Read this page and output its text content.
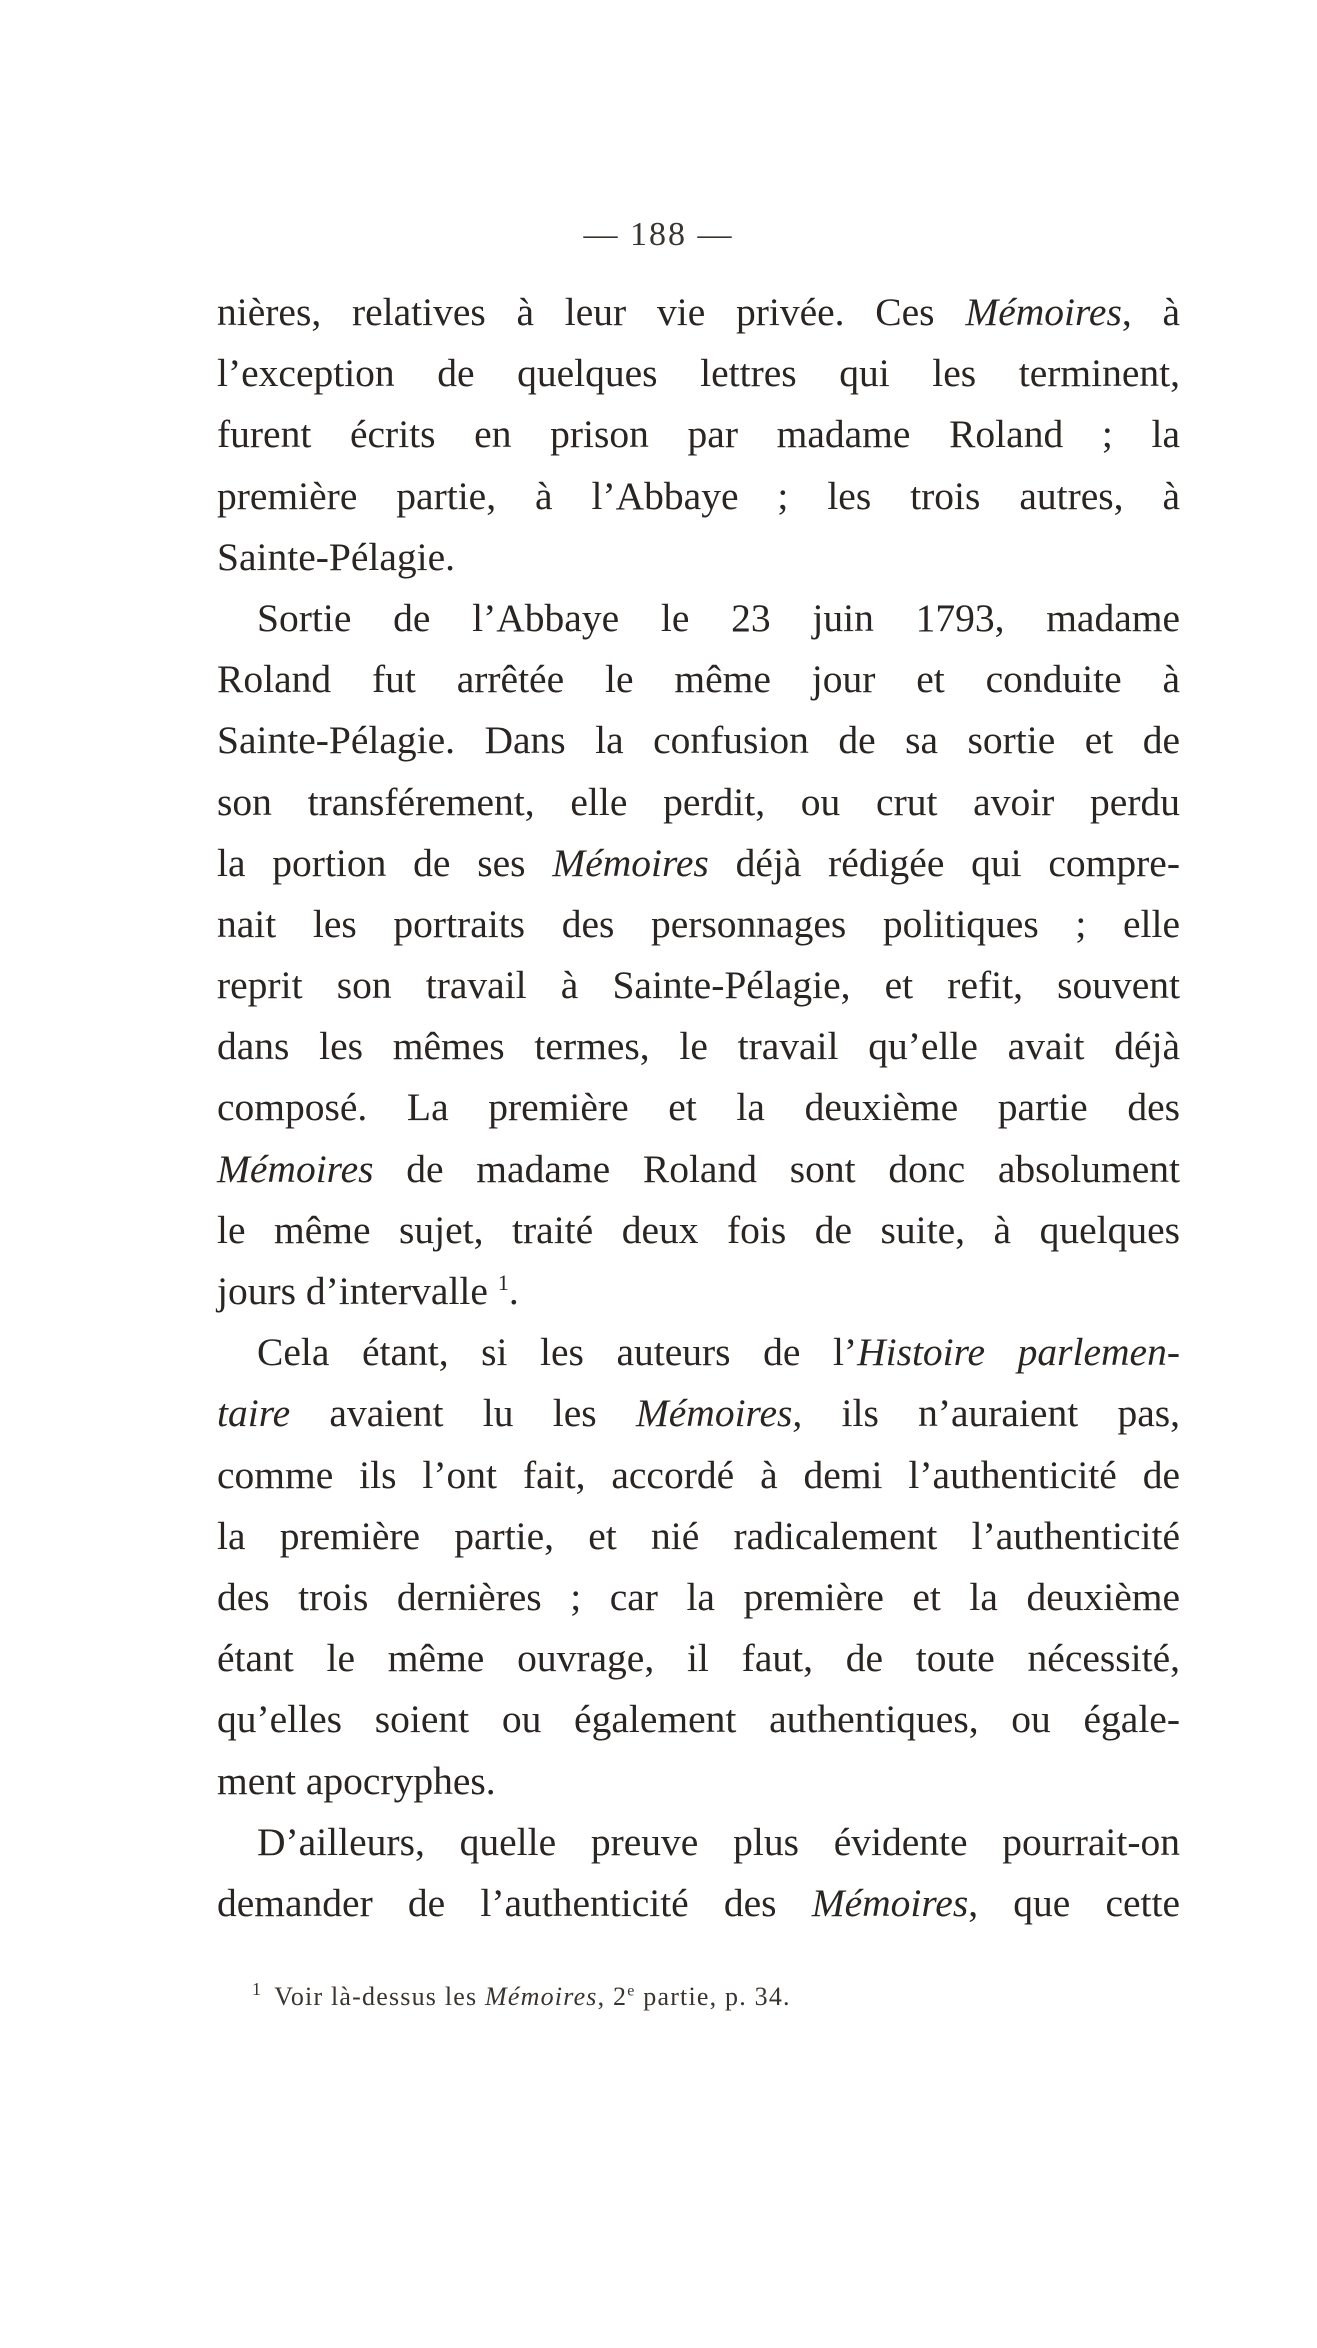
— 188 —
nières, relatives à leur vie privée. Ces Mémoires, à
l’exception de quelques lettres qui les terminent,
furent écrits en prison par madame Roland ; la
première partie, à l’Abbaye ; les trois autres, à
Sainte-Pélagie.
Sortie de l’Abbaye le 23 juin 1793, madame
Roland fut arrêtée le même jour et conduite à
Sainte-Pélagie. Dans la confusion de sa sortie et de
son transférement, elle perdit, ou crut avoir perdu
la portion de ses Mémoires déjà rédigée qui compre-
nait les portraits des personnages politiques ; elle
reprit son travail à Sainte-Pélagie, et refit, souvent
dans les mêmes termes, le travail qu’elle avait déjà
composé. La première et la deuxième partie des
Mémoires de madame Roland sont donc absolument
le même sujet, traité deux fois de suite, à quelques
jours d’intervalle $^1$.
Cela étant, si les auteurs de l’Histoire parlemen-
taire avaient lu les Mémoires, ils n’auraient pas,
comme ils l’ont fait, accordé à demi l’authenticité de
la première partie, et nié radicalement l’authenticité
des trois dernières ; car la première et la deuxième
étant le même ouvrage, il faut, de toute nécessité,
qu’elles soient ou également authentiques, ou égale-
ment apocryphes.
D’ailleurs, quelle preuve plus évidente pourrait-on
demander de l’authenticité des Mémoires, que cette
$^1$ Voir là-dessus les Mémoires, 2e partie, p. 34.
